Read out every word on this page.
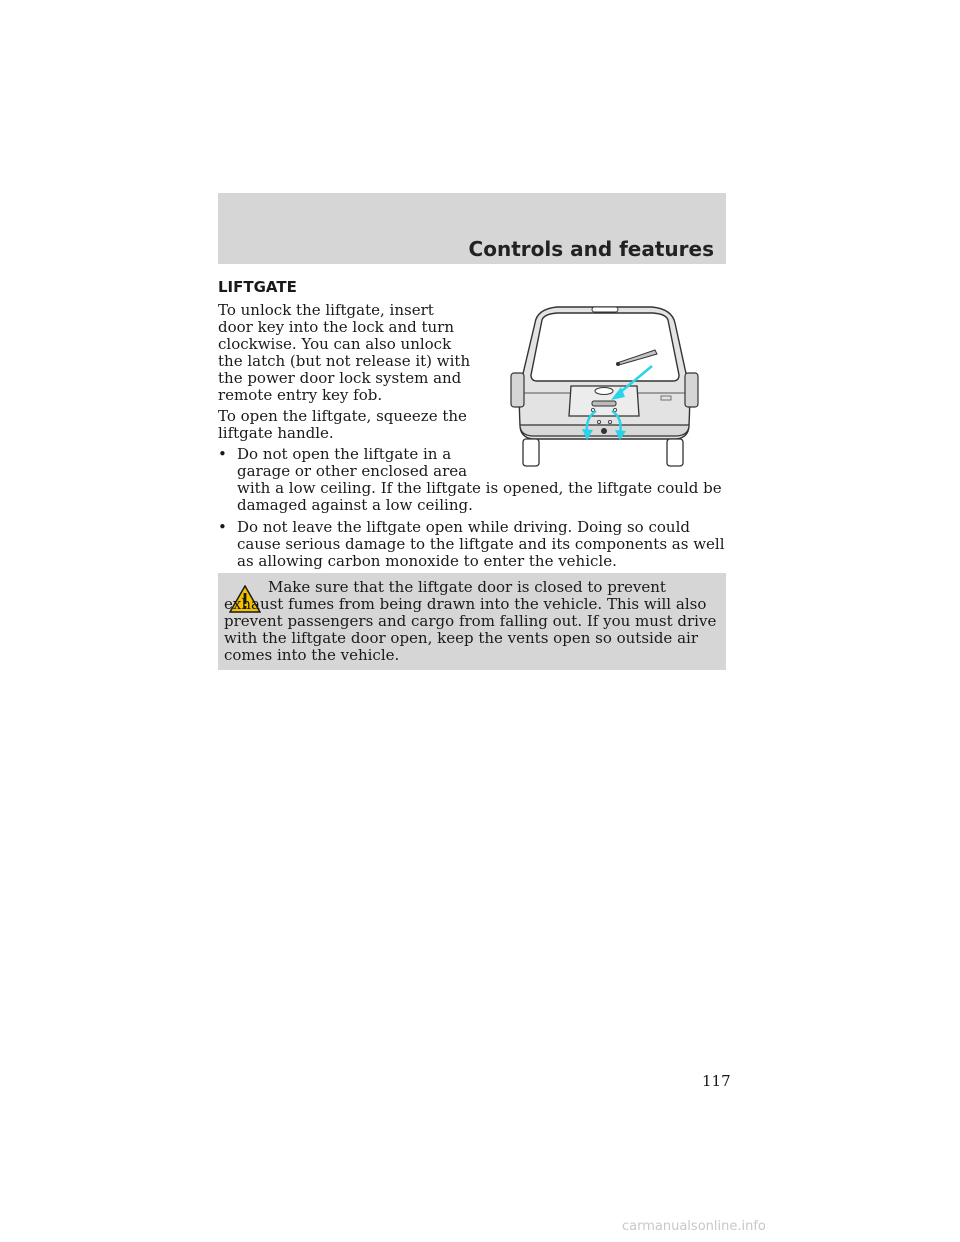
Controls and features
LIFTGATE
To unlock the liftgate, insert door key into the lock and turn clockwise. You can also unlock the latch (but not release it) with the power door lock system and remote entry key fob.
To open the liftgate, squeeze the liftgate handle.
• Do not open the liftgate in a garage or other enclosed area
with a low ceiling. If the liftgate is opened, the liftgate could be damaged against a low ceiling.
• Do not leave the liftgate open while driving. Doing so could cause serious damage to the liftgate and its components as well as allowing carbon monoxide to enter the vehicle.
Make sure that the liftgate door is closed to prevent exhaust fumes from being drawn into the vehicle. This will also prevent passengers and cargo from falling out. If you must drive with the liftgate door open, keep the vents open so outside air comes into the vehicle.
117
carmanualsonline.info
